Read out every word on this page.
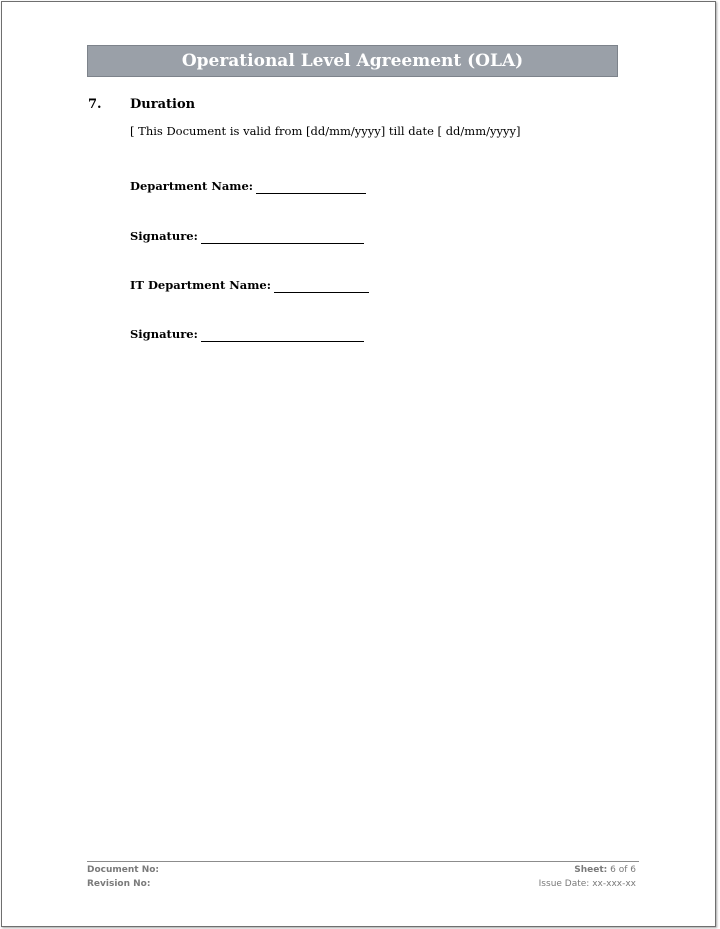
Operational Level Agreement (OLA)
7. Duration
[ This Document is valid from [dd/mm/yyyy] till date [ dd/mm/yyyy]
Department Name:
Signature:
IT Department Name:
Signature:
Document No:
Revision No:
Sheet: 6 of 6
Issue Date: xx-xxx-xx
